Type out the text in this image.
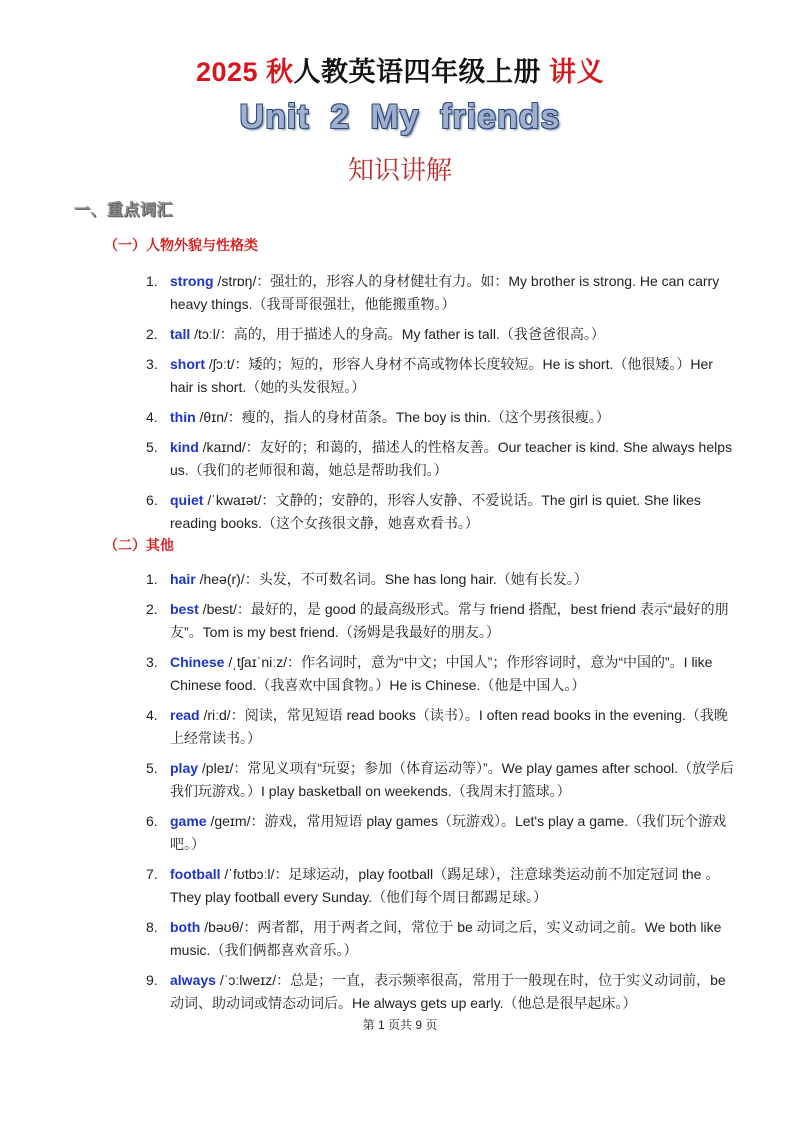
2025 秋人教英语四年级上册 讲义
Unit 2 My friends
知识讲解
一、重点词汇
（一）人物外貌与性格类
1. strong /strɒŋ/：强壮的，形容人的身材健壮有力。如：My brother is strong. He can carry heavy things.（我哥哥很强壮，他能搬重物。）
2. tall /tɔːl/：高的，用于描述人的身高。My father is tall.（我爸爸很高。）
3. short /ʃɔːt/：矮的；短的，形容人身材不高或物体长度较短。He is short.（他很矮。）Her hair is short.（她的头发很短。）
4. thin /θɪn/：瘦的，指人的身材苗条。The boy is thin.（这个男孩很瘦。）
5. kind /kaɪnd/：友好的；和蔼的，描述人的性格友善。Our teacher is kind. She always helps us.（我们的老师很和蔼，她总是帮助我们。）
6. quiet /ˈkwaɪət/：文静的；安静的，形容人安静、不爱说话。The girl is quiet. She likes reading books.（这个女孩很文静，她喜欢看书。）
（二）其他
1. hair /heə(r)/：头发，不可数名词。She has long hair.（她有长发。）
2. best /best/：最好的，是 good 的最高级形式。常与 friend 搭配，best friend 表示“最好的朋友”。Tom is my best friend.（汤姆是我最好的朋友。）
3. Chinese /ˌtʃaɪˈniːz/：作名词时，意为“中文；中国人”；作形容词时，意为“中国的”。I like Chinese food.（我喜欢中国食物。）He is Chinese.（他是中国人。）
4. read /riːd/：阅读，常见短语 read books（读书）。I often read books in the evening.（我晚上经常读书。）
5. play /pleɪ/：常见义项有“玩耍；参加（体育运动等）”。We play games after school.（放学后我们玩游戏。）I play basketball on weekends.（我周末打篮球。）
6. game /ɡeɪm/：游戏，常用短语 play games（玩游戏）。Let's play a game.（我们玩个游戏吧。）
7. football /ˈfʊtbɔːl/：足球运动，play football（踢足球），注意球类运动前不加定冠词 the 。They play football every Sunday.（他们每个周日都踢足球。）
8. both /bəʊθ/：两者都，用于两者之间，常位于 be 动词之后，实义动词之前。We both like music.（我们俩都喜欢音乐。）
9. always /ˈɔːlweɪz/：总是；一直，表示频率很高，常用于一般现在时，位于实义动词前，be 动词、助动词或情态动词后。He always gets up early.（他总是很早起床。）
第 1 页共 9 页
